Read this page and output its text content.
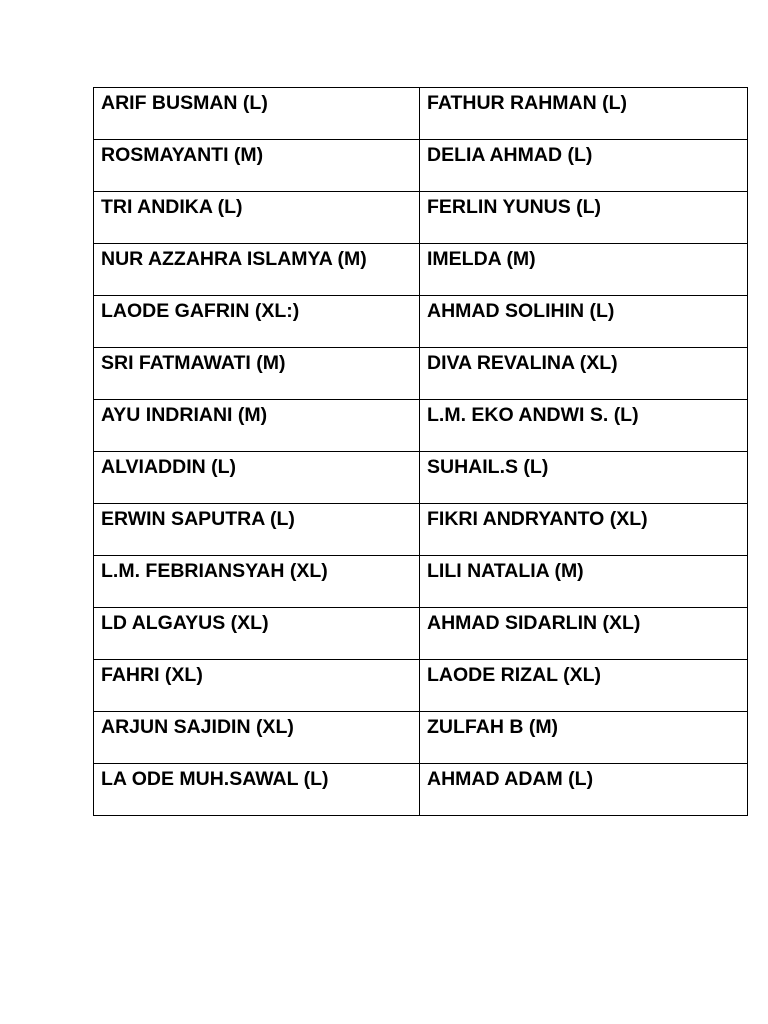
ARIF BUSMAN (L)	FATHUR RAHMAN (L)
ROSMAYANTI (M)	DELIA AHMAD (L)
TRI ANDIKA (L)	FERLIN YUNUS (L)
NUR AZZAHRA ISLAMYA (M)	IMELDA (M)
LAODE GAFRIN (XL:)	AHMAD SOLIHIN (L)
SRI FATMAWATI (M)	DIVA REVALINA (XL)
AYU INDRIANI (M)	L.M. EKO ANDWI S. (L)
ALVIADDIN (L)	SUHAIL.S (L)
ERWIN SAPUTRA (L)	FIKRI ANDRYANTO (XL)
L.M. FEBRIANSYAH (XL)	LILI NATALIA (M)
LD ALGAYUS (XL)	AHMAD SIDARLIN (XL)
FAHRI (XL)	LAODE RIZAL (XL)
ARJUN SAJIDIN (XL)	ZULFAH B (M)
LA ODE MUH.SAWAL (L)	AHMAD ADAM (L)
